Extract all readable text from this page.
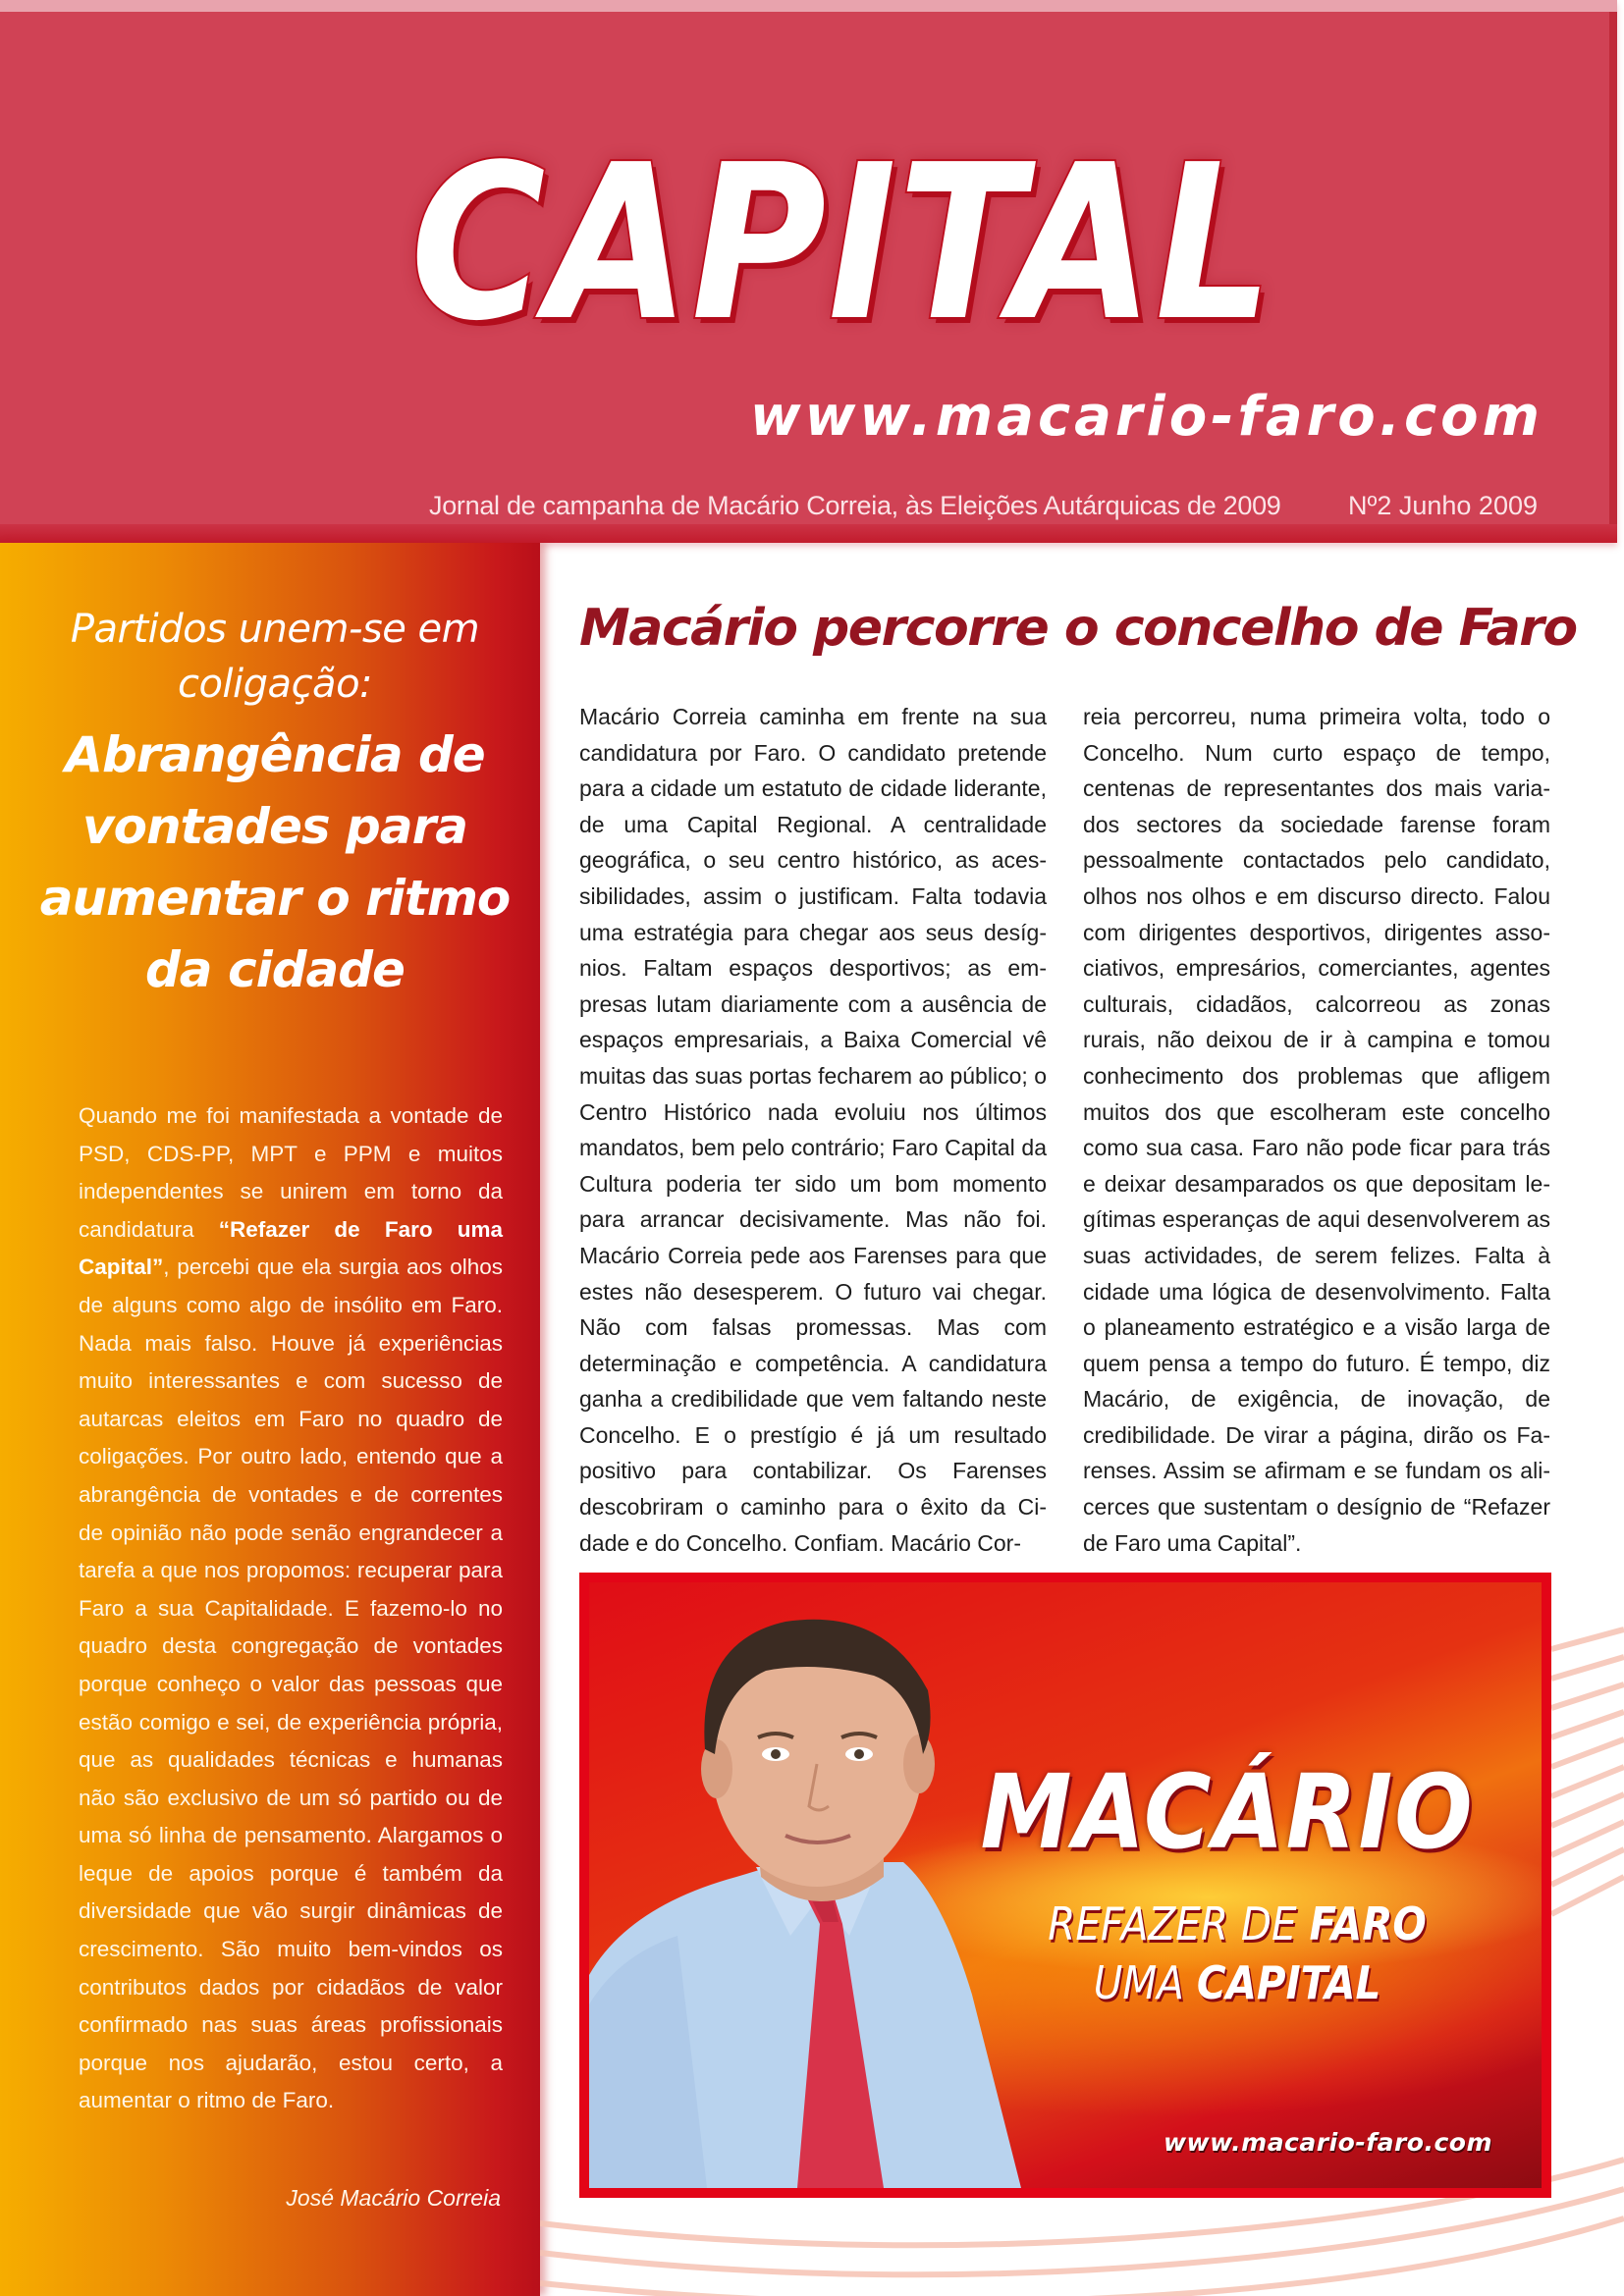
CAPITAL
www.macario-faro.com
Jornal de campanha de Macário Correia, às Eleições Autárquicas de 2009	Nº2 Junho 2009
Partidos unem-se em coligação:
Abrangência de vontades para aumentar o ritmo da cidade
Quando me foi manifestada a vontade de PSD, CDS-PP, MPT e PPM e muitos independentes se unirem em torno da candidatura “Refazer de Faro uma Capital”, percebi que ela surgia aos olhos de alguns como algo de insólito em Faro. Nada mais falso. Houve já experiências muito interessantes e com sucesso de autarcas eleitos em Faro no quadro de coligações. Por outro lado, entendo que a abrangência de vontades e de correntes de opinião não pode senão engrandecer a tarefa a que nos propomos: recuperar para Faro a sua Capitalidade. E fazemo-lo no quadro desta congregação de vontades porque conheço o valor das pessoas que estão comigo e sei, de experiência própria, que as qualidades técnicas e humanas não são exclusivo de um só partido ou de uma só linha de pensamento. Alargamos o leque de apoios porque é também da diversidade que vão surgir dinâmicas de crescimento. São muito bem-vindos os contributos dados por cidadãos de valor confirmado nas suas áreas profissionais porque nos ajudarão, estou certo, a aumentar o ritmo de Faro.
José Macário Correia
Macário percorre o concelho de Faro
Macário Correia caminha em frente na sua candidatura por Faro. O candidato pretende para a cidade um estatuto de cidade liderante, de uma Capital Regional. A centralidade geográfica, o seu centro histórico, as acessibilidades, assim o justificam. Falta todavia uma estratégia para chegar aos seus desígnios. Faltam espaços desportivos; as empresas lutam diariamente com a ausência de espaços empresariais, a Baixa Comercial vê muitas das suas portas fecharem ao público; o Centro Histórico nada evoluiu nos últimos mandatos, bem pelo contrário; Faro Capital da Cultura poderia ter sido um bom momento para arrancar decisivamente. Mas não foi. Macário Correia pede aos Farenses para que estes não desesperem. O futuro vai chegar. Não com falsas promessas. Mas com determinação e competência. A candidatura ganha a credibilidade que vem faltando neste Concelho. E o prestígio é já um resultado positivo para contabilizar. Os Farenses descobriram o caminho para o êxito da Cidade e do Concelho. Confiam. Macário Cor-
reia percorreu, numa primeira volta, todo o Concelho. Num curto espaço de tempo, centenas de representantes dos mais variados sectores da sociedade farense foram pessoalmente contactados pelo candidato, olhos nos olhos e em discurso directo. Falou com dirigentes desportivos, dirigentes associativos, empresários, comerciantes, agentes culturais, cidadãos, calcorreou as zonas rurais, não deixou de ir à campina e tomou conhecimento dos problemas que afligem muitos dos que escolheram este concelho como sua casa. Faro não pode ficar para trás e deixar desamparados os que depositam legítimas esperanças de aqui desenvolverem as suas actividades, de serem felizes. Falta à cidade uma lógica de desenvolvimento. Falta o planeamento estratégico e a visão larga de quem pensa a tempo do futuro. É tempo, diz Macário, de exigência, de inovação, de credibilidade. De virar a página, dirão os Farenses. Assim se afirmam e se fundam os alicerces que sustentam o desígnio de “Refazer de Faro uma Capital”.
MACÁRIO
REFAZER DE FARO
UMA CAPITAL
www.macario-faro.com
